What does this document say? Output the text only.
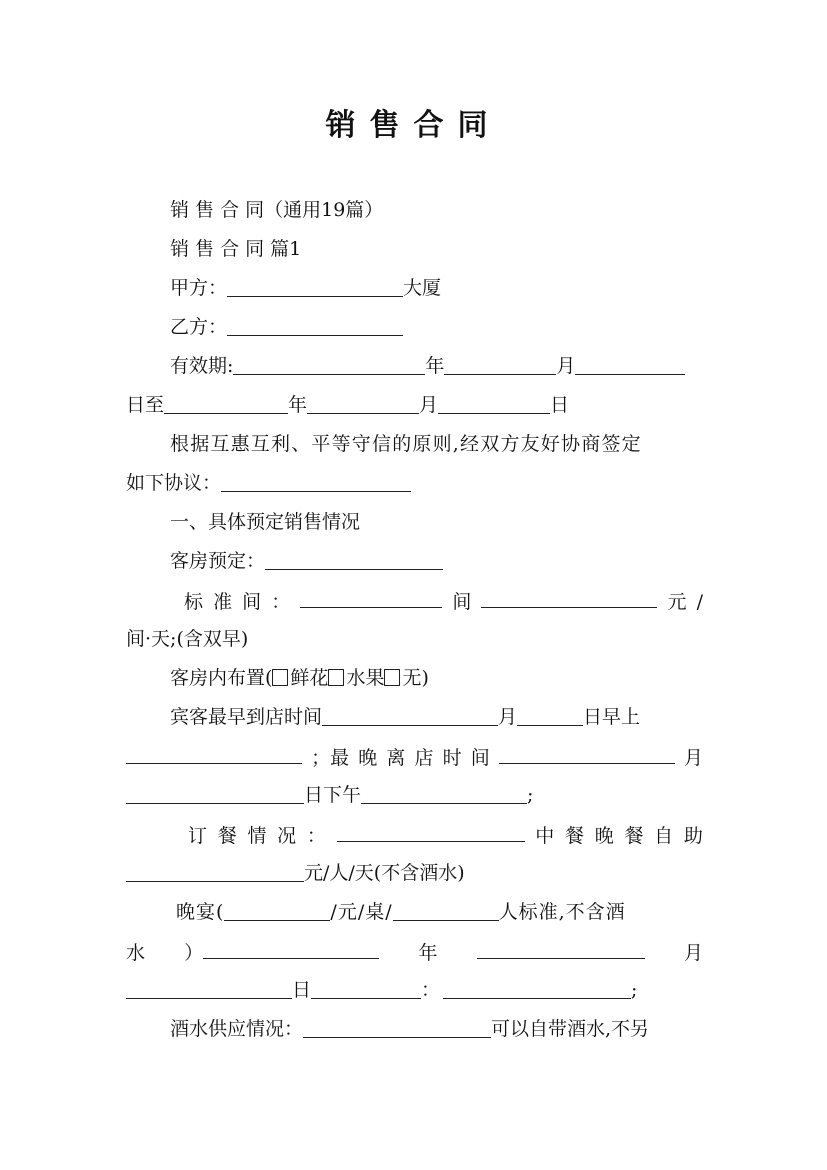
销售合同
销 售 合 同（通用19篇）
销 售 合 同 篇1
甲方：	大厦
乙方：
有效期:	年	月
日至	年	月	日
根据互惠互利、平等守信的原则,经双方友好协商签定
如下协议：
一、具体预定销售情况
客房预定：
标 准 间 ：	间	元 /
间·天;(含双早)
客房内布置( 鲜花 水果 无)
宾客最早到店时间	月	日早上
；最 晚 离 店 时 间	月
日下午	;
订 餐 情 况 ：	中 餐 晚 餐 自 助
元/人/天(不含酒水)
晚宴(	/元/桌/	人标准,不含酒
水 ）	年	月
日	：	;
酒水供应情况：	可以自带酒水,不另
